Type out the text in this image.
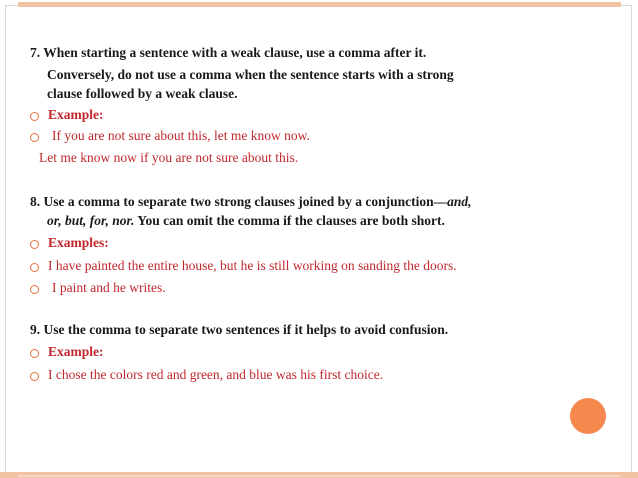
7. When starting a sentence with a weak clause, use a comma after it.
Conversely, do not use a comma when the sentence starts with a strong
clause followed by a weak clause.
Example:
If you are not sure about this, let me know now.
Let me know now if you are not sure about this.
8. Use a comma to separate two strong clauses joined by a conjunction—and,
or, but, for, nor. You can omit the comma if the clauses are both short.
Examples:
I have painted the entire house, but he is still working on sanding the doors.
I paint and he writes.
9. Use the comma to separate two sentences if it helps to avoid confusion.
Example:
I chose the colors red and green, and blue was his first choice.
